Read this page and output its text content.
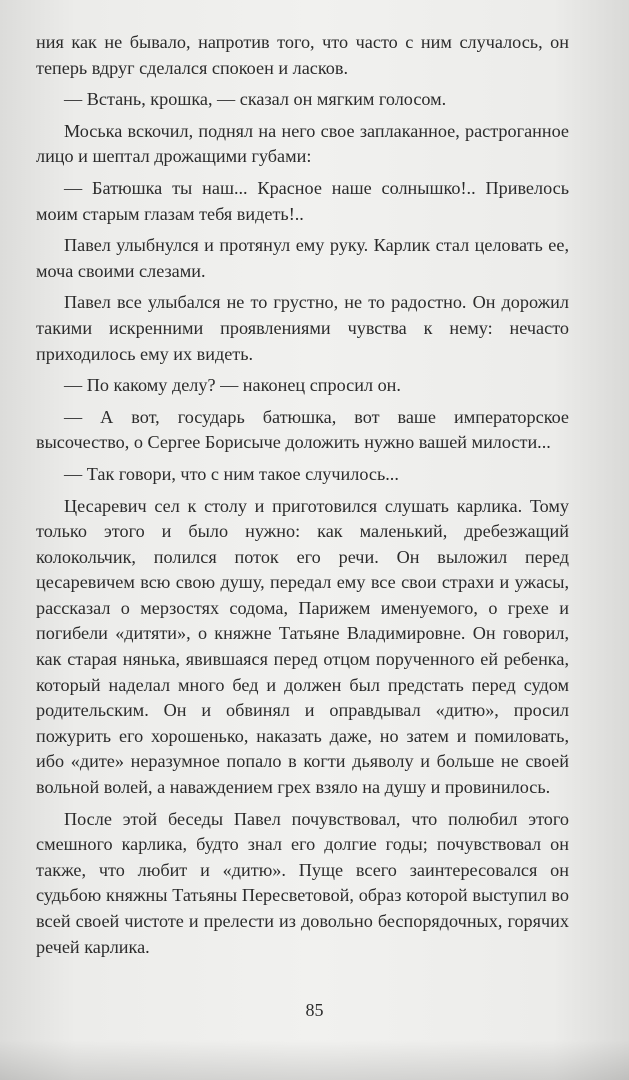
ния как не бывало, напротив того, что часто с ним случалось, он теперь вдруг сделался спокоен и ласков.

— Встань, крошка, — сказал он мягким голосом.

Моська вскочил, поднял на него свое заплаканное, растроганное лицо и шептал дрожащими губами:

— Батюшка ты наш... Красное наше солнышко!.. Привелось моим старым глазам тебя видеть!..

Павел улыбнулся и протянул ему руку. Карлик стал целовать ее, моча своими слезами.

Павел все улыбался не то грустно, не то радостно. Он дорожил такими искренними проявлениями чувства к нему: нечасто приходилось ему их видеть.

— По какому делу? — наконец спросил он.

— А вот, государь батюшка, вот ваше императорское высочество, о Сергее Борисыче доложить нужно вашей милости...

— Так говори, что с ним такое случилось...

Цесаревич сел к столу и приготовился слушать карлика. Тому только этого и было нужно: как маленький, дребезжащий колокольчик, полился поток его речи. Он выложил перед цесаревичем всю свою душу, передал ему все свои страхи и ужасы, рассказал о мерзостях содома, Парижем именуемого, о грехе и погибели «дитяти», о княжне Татьяне Владимировне. Он говорил, как старая нянька, явившаяся перед отцом порученного ей ребенка, который наделал много бед и должен был предстать перед судом родительским. Он и обвинял и оправдывал «дитю», просил пожурить его хорошенько, наказать даже, но затем и помиловать, ибо «дите» неразумное попало в когти дьяволу и больше не своей вольной волей, а наваждением грех взяло на душу и провинилось.

После этой беседы Павел почувствовал, что полюбил этого смешного карлика, будто знал его долгие годы; почувствовал он также, что любит и «дитю». Пуще всего заинтересовался он судьбою княжны Татьяны Пересветовой, образ которой выступил во всей своей чистоте и прелести из довольно беспорядочных, горячих речей карлика.

85
